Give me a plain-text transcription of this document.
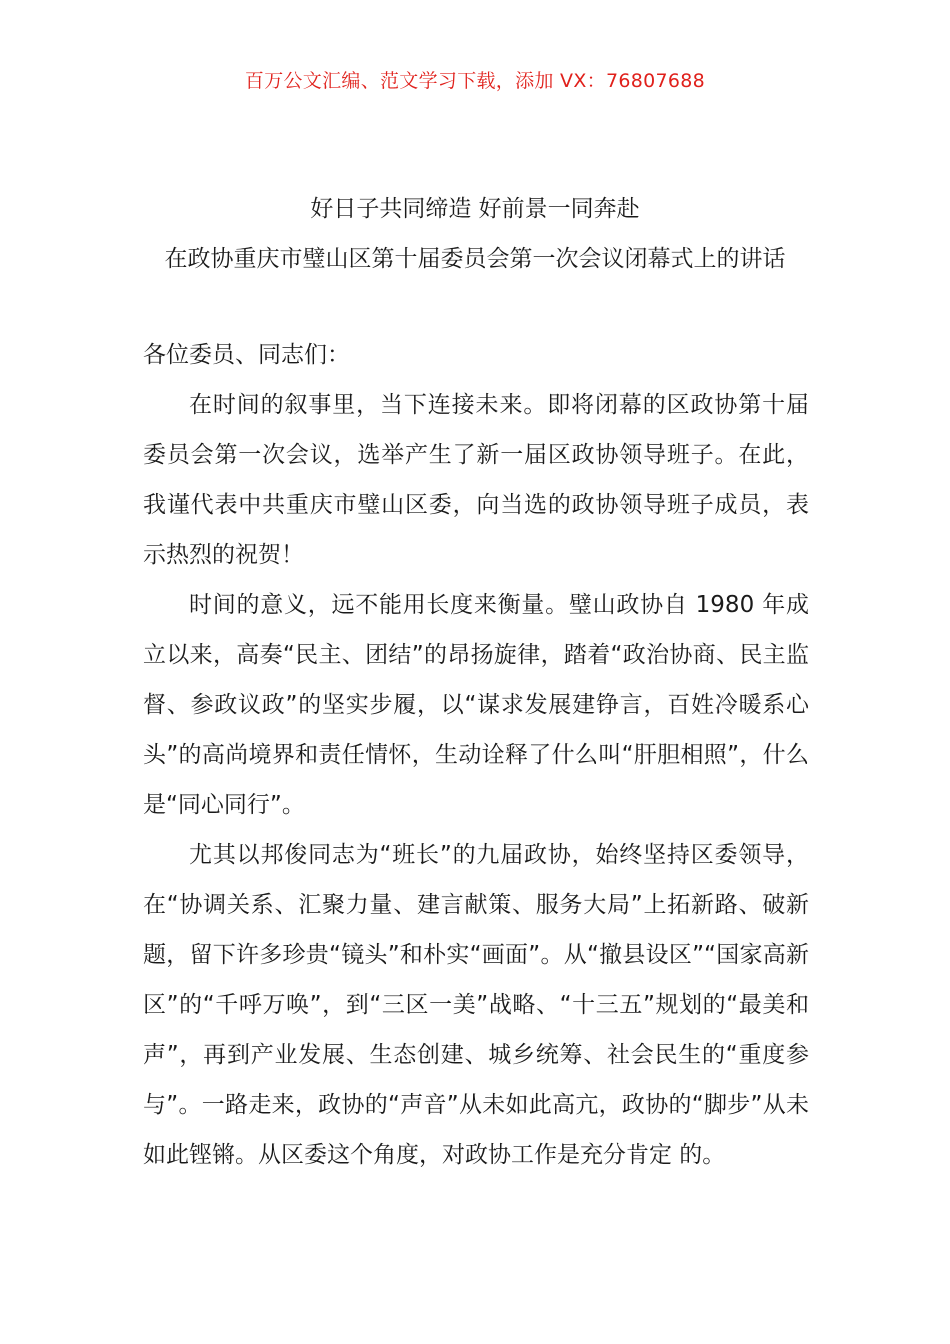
百万公文汇编、范文学习下载，添加 VX：76807688
好日子共同缔造 好前景一同奔赴
在政协重庆市璧山区第十届委员会第一次会议闭幕式上的讲话

各位委员、同志们：

在时间的叙事里，当下连接未来。即将闭幕的区政协第十届委员会第一次会议，选举产生了新一届区政协领导班子。在此，我谨代表中共重庆市璧山区委，向当选的政协领导班子成员，表示热烈的祝贺！

时间的意义，远不能用长度来衡量。璧山政协自 1980 年成立以来，高奏“民主、团结”的昂扬旋律，踏着“政治协商、民主监督、参政议政”的坚实步履，以“谋求发展建铮言，百姓冷暖系心头”的高尚境界和责任情怀，生动诠释了什么叫“肝胆相照”，什么是“同心同行”。

尤其以邦俊同志为“班长”的九届政协，始终坚持区委领导， 在“协调关系、汇聚力量、建言献策、服务大局”上拓新路、破新题，留下许多珍贵“镜头”和朴实“画面”。从“撤县设区”“国家高新区”的“千呼万唤”，到“三区一美”战略、“十三五”规划的“最美和声”，再到产业发展、生态创建、城乡统筹、社会民生的“重度参与”。一路走来，政协的“声音”从未如此高亢，政协的“脚步”从未如此铿锵。从区委这个角度，对政协工作是充分肯定 的。
